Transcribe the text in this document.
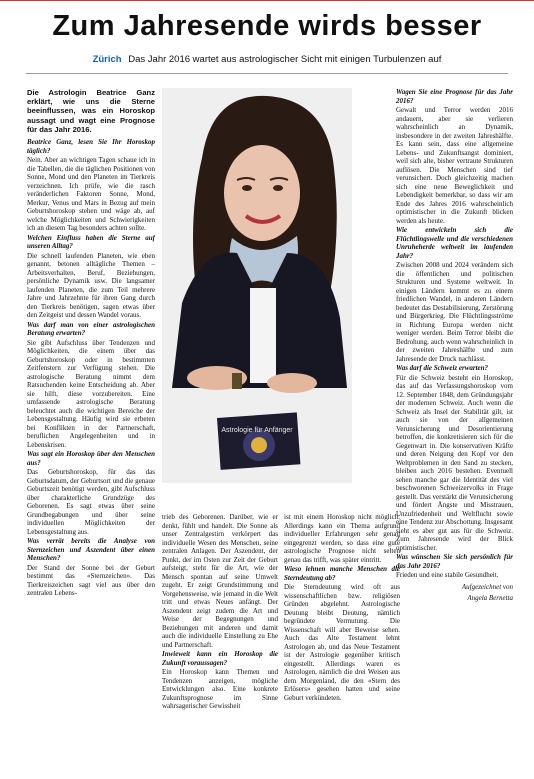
Zum Jahresende wirds besser
Zürich Das Jahr 2016 wartet aus astrologischer Sicht mit einigen Turbulenzen auf

Die Astrologin Beatrice Ganz erklärt, wie uns die Sterne beeinflussen, was ein Horoskop aussagt und wagt eine Prognose für das Jahr 2016.

Beatrice Ganz, lesen Sie Ihr Horoskop täglich?

Nein. Aber an wichtigen Tagen schaue ich in die Tabellen, die die täglichen Positionen von Sonne, Mond und den Planeten im Tierkreis verzeichnen. Ich prüfe, wie die rasch veränderlichen Faktoren Sonne, Mond, Merkur, Venus und Mars in Bezug auf mein Geburtshoroskop stehen und wäge ab, auf welche Möglichkeiten und Schwierigkeiten ich an diesem Tag besonders achten sollte.

Welchen Einfluss haben die Sterne auf unseren Alltag?

Die schnell laufenden Planeten, wie eben genannt, betonen alltägliche Themen – Arbeitsverhalten, Beruf, Beziehungen, persönliche Dynamik usw. Die langsamer laufenden Planeten, die zum Teil mehrere Jahre und Jahrzehnte für ihren Gang durch den Tierkreis benötigen, sagen etwas über den Zeitgeist und dessen Wandel voraus.

Was darf man von einer astrologischen Beratung erwarten?

Sie gibt Aufschluss über Tendenzen und Möglichkeiten, die einem über das Geburtshoroskop oder in bestimmten Zeitfenstern zur Verfügung stehen. Die astrologische Beratung nimmt dem Ratsuchenden keine Entscheidung ab. Aber sie hilft, diese vorzubereiten. Eine umfassende astrologische Beratung beleuchtet auch die wichtigen Bereiche der Lebensgestaltung. Häufig wird sie erbeten bei Konflikten in der Partnerschaft, beruflichen Angelegenheiten und in Lebenskrisen.

Was sagt ein Horoskop über den Menschen aus?

Das Geburtshoroskop, für das das Geburtsdatum, der Geburtsort und die genaue Geburtszeit benötigt werden, gibt Aufschluss über charakterliche Grundzüge des Geborenen. Es sagt etwas über seine Grundbegabungen und über seine individuellen Möglichkeiten der Lebensgestaltung aus.

Was verrät bereits die Analyse von Sternzeichen und Aszendent über einen Menschen?

Der Stand der Sonne bei der Geburt bestimmt das «Sternzeichen». Das Tierkreiszeichen sagt viel aus über den zentralen Lebens-

Astrologie für Anfänger

trieb des Geborenen. Darüber, wie er denkt, fühlt und handelt. Die Sonne als unser Zentralgestirn verkörpert das individuelle Wesen des Menschen, seine zentralen Anlagen. Der Aszendent, der Punkt, der im Osten zur Zeit der Geburt aufsteigt, steht für die Art, wie der Mensch spontan auf seine Umwelt zugeht. Er zeigt Grundstimmung und Vorgehensweise, wie jemand in die Welt tritt und etwas Neues anfängt. Der Aszendent zeigt zudem die Art und Weise der Begegnungen und Beziehungen mit anderen und damit auch die individuelle Einstellung zu Ehe und Partnerschaft.

Inwieweit kann ein Horoskop die Zukunft voraussagen?

Ein Horoskop kann Themen und Tendenzen anzeigen, mögliche Entwicklungen also. Eine konkrete Zukunftsprognose im Sinne wahrsagerischer Gewissheit

ist mit einem Horoskop nicht möglich. Allerdings kann ein Thema aufgrund individueller Erfahrungen sehr genau eingegrenzt werden, so dass eine gute astrologische Prognose nicht selten genau das trifft, was später eintritt.

Wieso lehnen manche Menschen die Sterndeutung ab?

Die Sterndeutung wird oft aus wissenschaftlichen bzw. religiösen Gründen abgelehnt. Astrologische Deutung bleibt Deutung, nämlich begründete Vermutung. Die Wissenschaft will aber Beweise sehen. Auch das Alte Testament lehnt Astrologen ab, und das Neue Testament ist der Astrologie gegenüber kritisch eingestellt. Allerdings waren es Astrologen, nämlich die drei Weisen aus dem Morgenland, die den «Stern des Erlösers» gesehen hatten und seine Geburt verkündeten.

Wagen Sie eine Prognose für das Jahr 2016?

Gewalt und Terror werden 2016 andauern, aber sie verlieren wahrscheinlich an Dynamik, insbesondere in der zweiten Jahreshälfte. Es kann sein, dass eine allgemeine Lebens- und Zukunftsangst dominiert, weil sich alte, bisher vertraute Strukturen auflösen. Die Menschen sind tief verunsichert. Doch gleichzeitig machen sich eine neue Beweglichkeit und Lebendigkeit bemerkbar, so dass wir am Ende des Jahres 2016 wahrscheinlich optimistischer in die Zukunft blicken werden als heute.

Wie entwickeln sich die Flüchtlingswelle und die verschiedenen Unruheherde weltweit im laufenden Jahr?

Zwischen 2008 und 2024 verändern sich die öffentlichen und politischen Strukturen und Systeme weltweit. In einigen Ländern kommt es zu einem friedlichen Wandel, in anderen Ländern bedeutet das Destabilisierung, Zerstörung und Bürgerkrieg. Die Flüchtlingsströme in Richtung Europa werden nicht weniger werden. Beim Terror bleibt die Bedrohung, auch wenn wahrscheinlich in der zweiten Jahreshälfte und zum Jahresende der Druck nachlässt.

Was darf die Schweiz erwarten?

Für die Schweiz besteht ein Horoskop, das auf das Verfassungshoroskop vom 12. September 1848, dem Gründungsjahr der modernen Schweiz. Auch wenn die Schweiz als Insel der Stabilität gilt, ist auch sie von der allgemeinen Verunsicherung und Desorientierung betroffen, die konkretisieren sich für die Gegenwart in. Die konservativen Kräfte und deren Neigung den Kopf vor den Weltproblemen in den Sand zu stecken, bleiben auch 2016 bestehen. Eventuell sehen manche gar die Identität des viel beschworenen Schweizervolks in Frage gestellt. Das verstärkt die Verunsicherung und fördert Ängste und Misstrauen, Unzufriedenheit und Weltflucht sowie eine Tendenz zur Abschottung. Insgesamt sieht es aber gut aus für die Schweiz. Zum Jahresende wird der Blick optimistischer.

Was wünschen Sie sich persönlich für das Jahr 2016?

Frieden und eine stabile Gesundheit.

Aufgezeichnet von

Angela Bernetta
